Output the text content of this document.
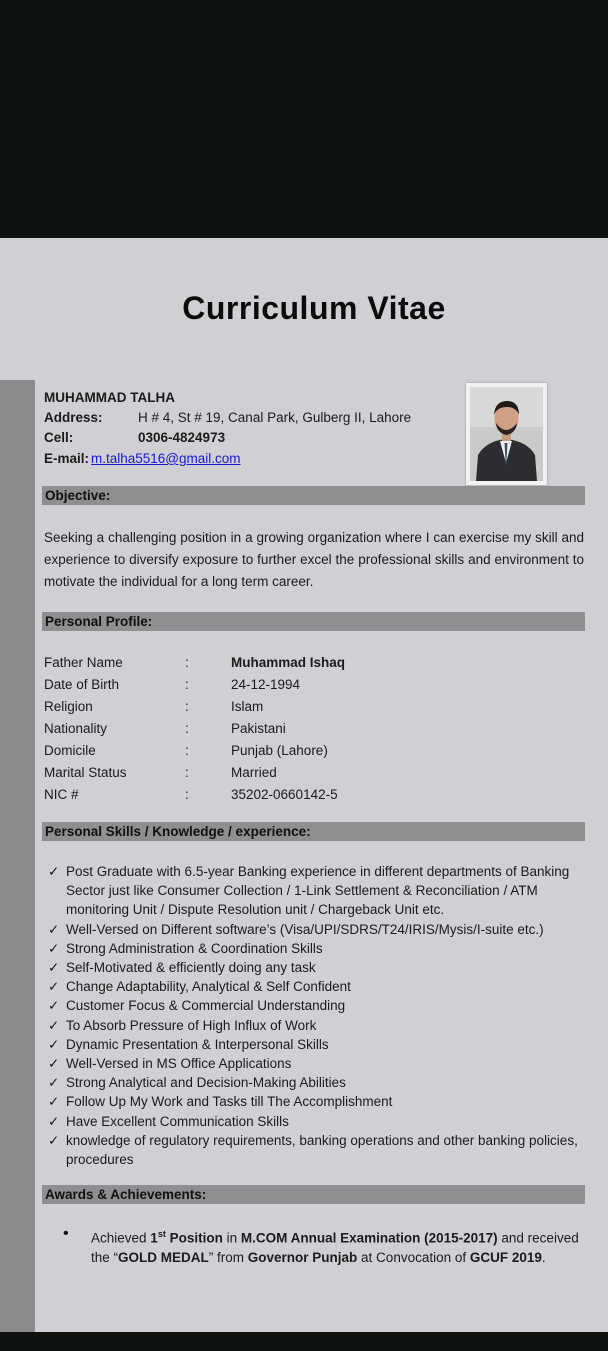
Curriculum Vitae
MUHAMMAD TALHA
Address:	H # 4, St # 19, Canal Park, Gulberg II, Lahore
Cell:	0306-4824973
E-mail: m.talha5516@gmail.com
Objective:
Seeking a challenging position in a growing organization where I can exercise my skill and experience to diversify exposure to further excel the professional skills and environment to motivate the individual for a long term career.
Personal Profile:
Father Name	:	Muhammad Ishaq
Date of Birth	:	24-12-1994
Religion	:	Islam
Nationality	:	Pakistani
Domicile	:	Punjab (Lahore)
Marital Status	:	Married
NIC #	:	35202-0660142-5
Personal Skills / Knowledge / experience:
✓ Post Graduate with 6.5-year Banking experience in different departments of Banking Sector just like Consumer Collection / 1-Link Settlement & Reconciliation / ATM monitoring Unit / Dispute Resolution unit / Chargeback Unit etc.
✓ Well-Versed on Different software’s (Visa/UPI/SDRS/T24/IRIS/Mysis/I-suite etc.)
✓ Strong Administration & Coordination Skills
✓ Self-Motivated & efficiently doing any task
✓ Change Adaptability, Analytical & Self Confident
✓ Customer Focus & Commercial Understanding
✓ To Absorb Pressure of High Influx of Work
✓ Dynamic Presentation & Interpersonal Skills
✓ Well-Versed in MS Office Applications
✓ Strong Analytical and Decision-Making Abilities
✓ Follow Up My Work and Tasks till The Accomplishment
✓ Have Excellent Communication Skills
✓ knowledge of regulatory requirements, banking operations and other banking policies, procedures
Awards & Achievements:
• Achieved 1st Position in M.COM Annual Examination (2015-2017) and received the “GOLD MEDAL” from Governor Punjab at Convocation of GCUF 2019.
